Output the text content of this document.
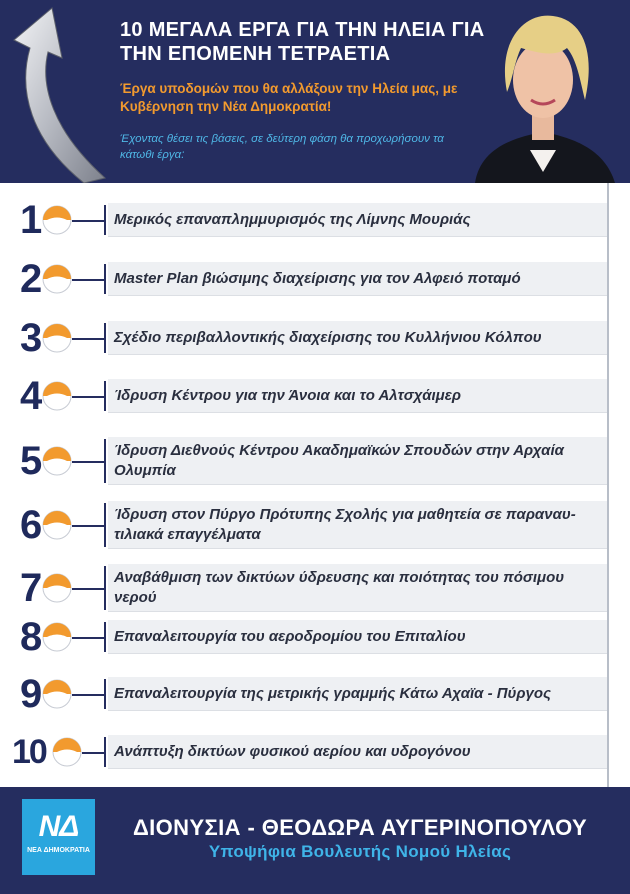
10 ΜΕΓΑΛΑ ΕΡΓΑ ΓΙΑ ΤΗΝ ΗΛΕΙΑ ΓΙΑ
ΤΗΝ ΕΠΟΜΕΝΗ ΤΕΤΡΑΕΤΙΑ
Έργα υποδομών που θα αλλάξουν την Ηλεία μας, με Κυβέρνηση την Νέα Δημοκρατία!
Έχοντας θέσει τις βάσεις, σε δεύτερη φάση θα προχωρήσουν τα κάτωθι έργα:
1	Μερικός επαναπλημμυρισμός της Λίμνης Μουριάς
2	Master Plan βιώσιμης διαχείρισης για τον Αλφειό ποταμό
3	Σχέδιο περιβαλλοντικής διαχείρισης του Κυλλήνιου Κόλπου
4	Ίδρυση Κέντρου για την Άνοια και το Αλτσχάιμερ
5	Ίδρυση Διεθνούς Κέντρου Ακαδημαϊκών Σπουδών στην Αρχαία Ολυμπία
6	Ίδρυση στον Πύργο Πρότυπης Σχολής για μαθητεία σε παραναυ-τιλιακά επαγγέλματα
7	Αναβάθμιση των δικτύων ύδρευσης και ποιότητας του πόσιμου νερού
8	Επαναλειτουργία του αεροδρομίου του Επιταλίου
9	Επαναλειτουργία της μετρικής γραμμής Κάτω Αχαϊα - Πύργος
10	Ανάπτυξη δικτύων φυσικού αερίου και υδρογόνου
ΝΔ
ΝΕΑ ΔΗΜΟΚΡΑΤΙΑ
ΔΙΟΝΥΣΙΑ - ΘΕΟΔΩΡΑ ΑΥΓΕΡΙΝΟΠΟΥΛΟΥ
Υποψήφια Βουλευτής Νομού Ηλείας
